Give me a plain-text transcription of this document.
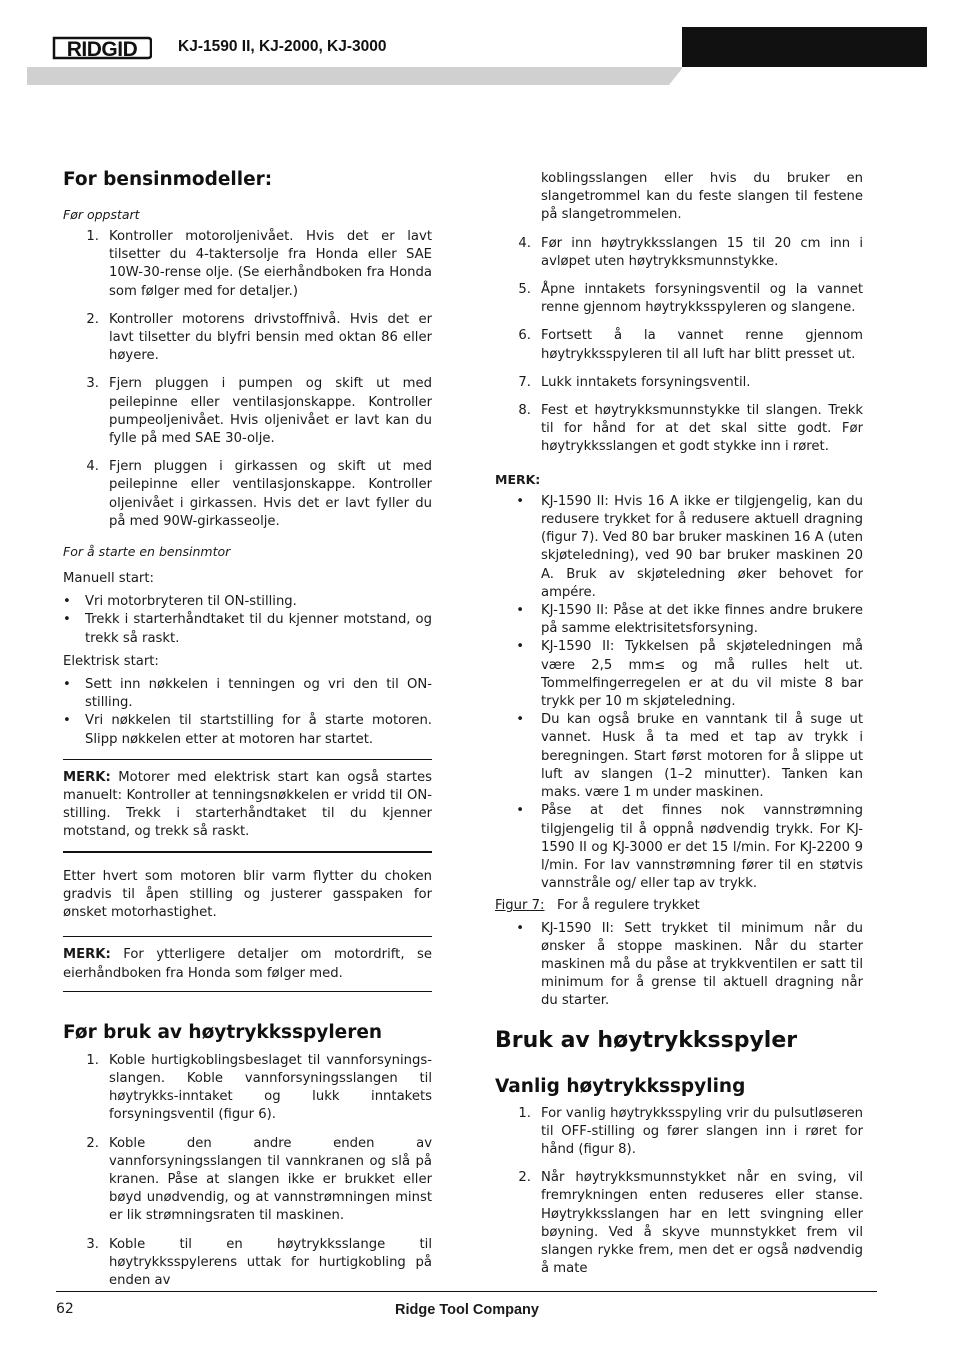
RIDGID	KJ-1590 II, KJ-2000, KJ-3000
For bensinmodeller:
Før oppstart
1. Kontroller motoroljenivået. Hvis det er lavt tilsetter du 4-taktersolje fra Honda eller SAE 10W-30-rense olje. (Se eierhåndboken fra Honda som følger med for detaljer.)
2. Kontroller motorens drivstoffnivå. Hvis det er lavt tilsetter du blyfri bensin med oktan 86 eller høyere.
3. Fjern pluggen i pumpen og skift ut med peilepinne eller ventilasjonskappe. Kontroller pumpeoljenivået. Hvis oljenivået er lavt kan du fylle på med SAE 30-olje.
4. Fjern pluggen i girkassen og skift ut med peilepinne eller ventilasjonskappe. Kontroller oljenivået i girkassen. Hvis det er lavt fyller du på med 90W-girkasseolje.
For å starte en bensinmtor
Manuell start:
•	Vri motorbryteren til ON-stilling.
•	Trekk i starterhåndtaket til du kjenner motstand, og trekk så raskt.
Elektrisk start:
•	Sett inn nøkkelen i tenningen og vri den til ON-stilling.
•	Vri nøkkelen til startstilling for å starte motoren. Slipp nøkkelen etter at motoren har startet.
MERK: Motorer med elektrisk start kan også startes manuelt: Kontroller at tenningsnøkkelen er vridd til ON-stilling. Trekk i starterhåndtaket til du kjenner motstand, og trekk så raskt.
Etter hvert som motoren blir varm flytter du choken gradvis til åpen stilling og justerer gasspaken for ønsket motorhastighet.
MERK: For ytterligere detaljer om motordrift, se eierhåndboken fra Honda som følger med.
Før bruk av høytrykksspyleren
1. Koble hurtigkoblingsbeslaget til vannforsynings-slangen. Koble vannforsyningsslangen til høytrykks-inntaket og lukk inntakets forsyningsventil (figur 6).
2. Koble den andre enden av vannforsyningsslangen til vannkranen og slå på kranen. Påse at slangen ikke er brukket eller bøyd unødvendig, og at vannstrømningen minst er lik strømningsraten til maskinen.
3. Koble til en høytrykksslange til høytrykksspylerens uttak for hurtigkobling på enden av
koblingsslangen eller hvis du bruker en slangetrommel kan du feste slangen til festene på slangetrommelen.
4. Før inn høytrykksslangen 15 til 20 cm inn i avløpet uten høytrykksmunnstykke.
5. Åpne inntakets forsyningsventil og la vannet renne gjennom høytrykksspyleren og slangene.
6. Fortsett å la vannet renne gjennom høytrykksspyleren til all luft har blitt presset ut.
7. Lukk inntakets forsyningsventil.
8. Fest et høytrykksmunnstykke til slangen. Trekk til for hånd for at det skal sitte godt. Før høytrykksslangen et godt stykke inn i røret.
MERK:
•	KJ-1590 II: Hvis 16 A ikke er tilgjengelig, kan du redusere trykket for å redusere aktuell dragning (figur 7). Ved 80 bar bruker maskinen 16 A (uten skjøteledning), ved 90 bar bruker maskinen 20 A. Bruk av skjøteledning øker behovet for ampére.
•	KJ-1590 II: Påse at det ikke finnes andre brukere på samme elektrisitetsforsyning.
•	KJ-1590 II: Tykkelsen på skjøteledningen må være 2,5 mm≤ og må rulles helt ut. Tommelfingerregelen er at du vil miste 8 bar trykk per 10 m skjøteledning.
•	Du kan også bruke en vanntank til å suge ut vannet. Husk å ta med et tap av trykk i beregningen. Start først motoren for å slippe ut luft av slangen (1–2 minutter). Tanken kan maks. være 1 m under maskinen.
•	Påse at det finnes nok vannstrømning tilgjengelig til å oppnå nødvendig trykk. For KJ-1590 II og KJ-3000 er det 15 l/min. For KJ-2200 9 l/min. For lav vannstrømning fører til en støtvis vannstråle og/ eller tap av trykk.
Figur 7: For å regulere trykket
•	KJ-1590 II: Sett trykket til minimum når du ønsker å stoppe maskinen. Når du starter maskinen må du påse at trykkventilen er satt til minimum for å grense til aktuell dragning når du starter.
Bruk av høytrykksspyler
Vanlig høytrykksspyling
1. For vanlig høytrykksspyling vrir du pulsutløseren til OFF-stilling og fører slangen inn i røret for hånd (figur 8).
2. Når høytrykksmunnstykket når en sving, vil fremrykningen enten reduseres eller stanse. Høytrykksslangen har en lett svingning eller bøyning. Ved å skyve munnstykket frem vil slangen rykke frem, men det er også nødvendig å mate
62	Ridge Tool Company
